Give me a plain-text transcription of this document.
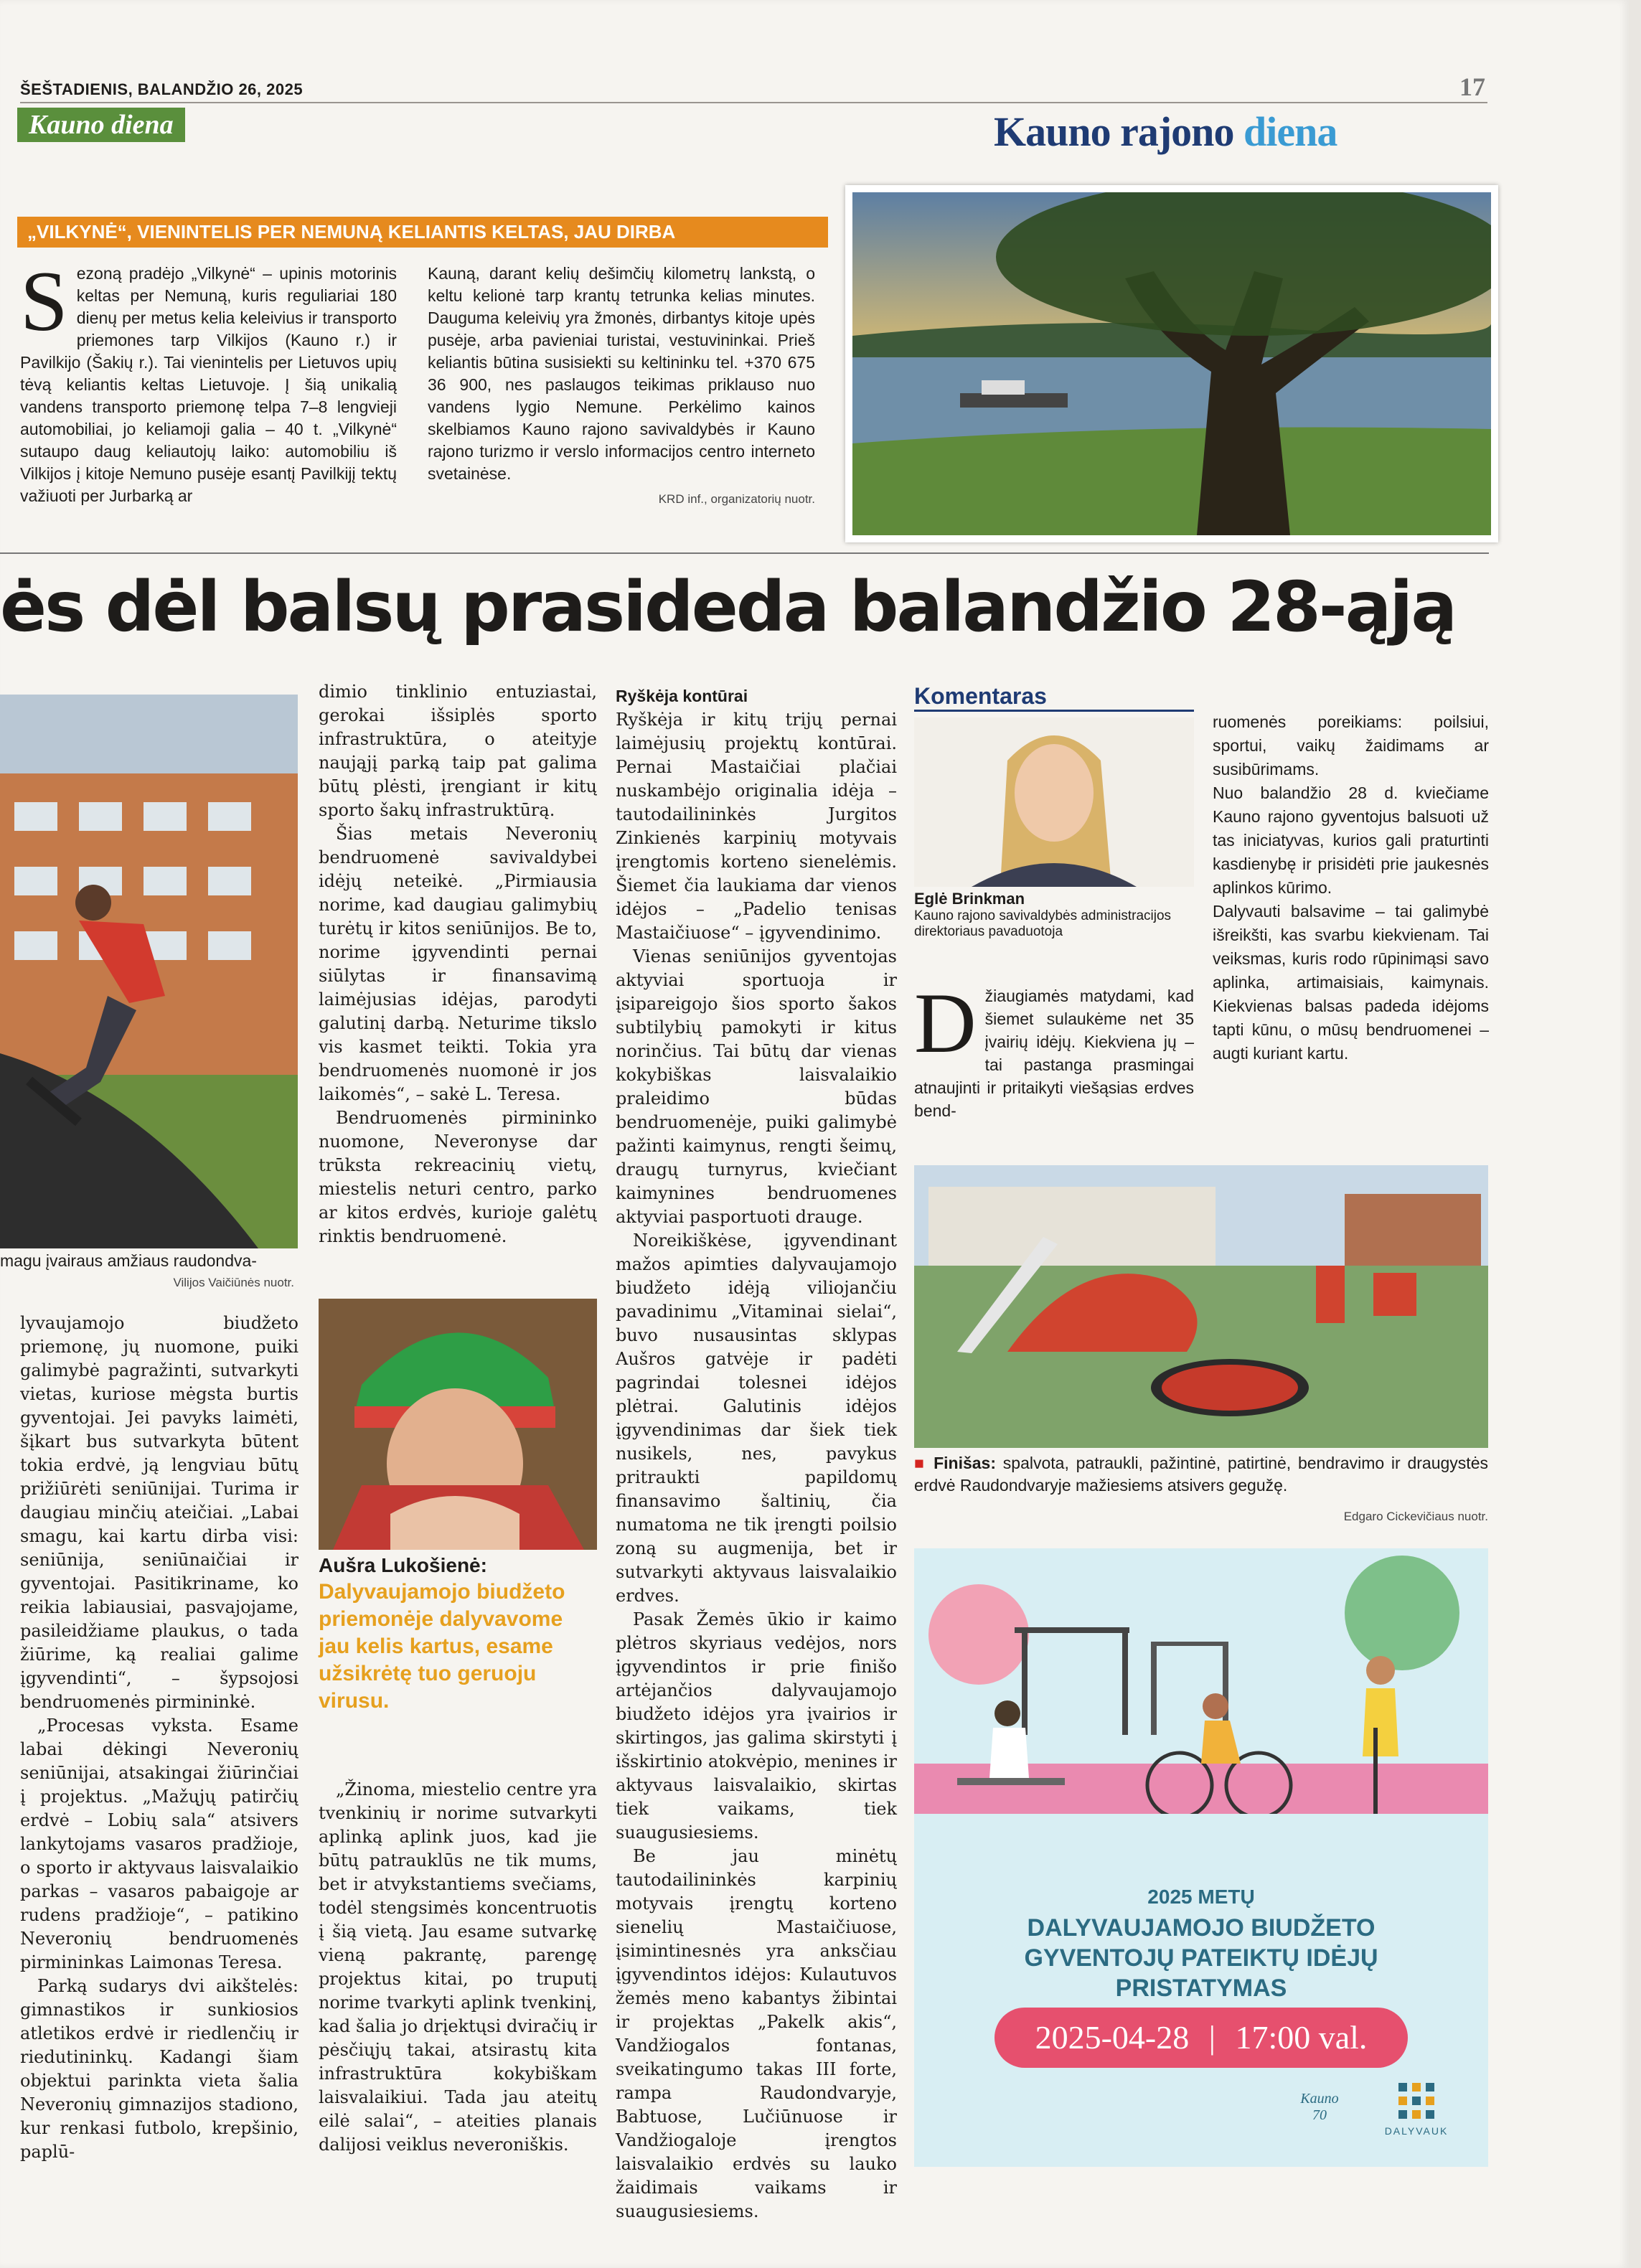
ŠEŠTADIENIS, BALANDŽIO 26, 2025	17
Kauno diena	Kauno rajono diena
„VILKYNĖ“, VIENINTELIS PER NEMUNĄ KELIANTIS KELTAS, JAU DIRBA
S ezoną pradėjo „Vilkynė“ – upinis motorinis keltas per Nemuną, kuris reguliariai 180 dienų per metus kelia keleivius ir transporto priemones tarp Vilkijos (Kauno r.) ir Pavilkijo (Šakių r.). Tai vienintelis per Lietuvos upių tėvą keliantis keltas Lietuvoje. Į šią unikalią vandens transporto priemonę telpa 7–8 lengvieji automobiliai, jo keliamoji galia – 40 t. „Vilkynė“ sutaupo daug keliautojų laiko: automobiliu iš Vilkijos į kitoje Nemuno pusėje esantį Pavilkijį tektų važiuoti per Jurbarką ar

Kauną, darant kelių dešimčių kilometrų lankstą, o keltu kelionė tarp krantų tetrunka kelias minutes. Dauguma keleivių yra žmonės, dirbantys kitoje upės pusėje, arba pavieniai turistai, vestuvininkai. Prieš keliantis būtina susisiekti su keltininku tel. +370 675 36 900, nes paslaugos teikimas priklauso nuo vandens lygio Nemune. Perkėlimo kainos skelbiamos Kauno rajono savivaldybės ir Kauno rajono turizmo ir verslo informacijos centro interneto svetainėse.

KRD inf., organizatorių nuotr.

ės dėl balsų prasideda balandžio 28-ąją
magu įvairaus amžiaus raudondva-
Vilijos Vaičiūnės nuotr.

lyvaujamojo biudžeto priemonę, jų nuomone, puiki galimybė pagražinti, sutvarkyti vietas, kuriose mėgsta burtis gyventojai. Jei pavyks laimėti, šįkart bus sutvarkyta būtent tokia erdvė, ją lengviau būtų prižiūrėti seniūnijai. Turima ir daugiau minčių ateičiai. „Labai smagu, kai kartu dirba visi: seniūnija, seniūnaičiai ir gyventojai. Pasitikriname, ko reikia labiausiai, pasvajojame, pasileidžiame plaukus, o tada žiūrime, ką realiai galime įgyvendinti“, – šypsojosi bendruomenės pirmininkė.

„Procesas vyksta. Esame labai dėkingi Neveronių seniūnijai, atsakingai žiūrinčiai į projektus. „Mažųjų patirčių erdvė – Lobių sala“ atsivers lankytojams vasaros pradžioje, o sporto ir aktyvaus laisvalaikio parkas – vasaros pabaigoje ar rudens pradžioje“, – patikino Neveronių bendruomenės pirmininkas Laimonas Teresa.

Parką sudarys dvi aikštelės: gimnastikos ir sunkiosios atletikos erdvė ir riedlenčių ir riedutininkų. Kadangi šiam objektui parinkta vieta šalia Neveronių gimnazijos stadiono, kur renkasi futbolo, krepšinio, paplū-

dimio tinklinio entuziastai, gerokai išsiplės sporto infrastruktūra, o ateityje naująjį parką taip pat galima būtų plėsti, įrengiant ir kitų sporto šakų infrastruktūrą.

Šias metais Neveronių bendruomenė savivaldybei idėjų neteikė. „Pirmiausia norime, kad daugiau galimybių turėtų ir kitos seniūnijos. Be to, norime įgyvendinti pernai siūlytas ir finansavimą laimėjusias idėjas, parodyti galutinį darbą. Neturime tikslo vis kasmet teikti. Tokia yra bendruomenės nuomonė ir jos laikomės“, – sakė L. Teresa.

Bendruomenės pirmininko nuomone, Neveronyse dar trūksta rekreacinių vietų, miestelis neturi centro, parko ar kitos erdvės, kurioje galėtų rinktis bendruomenė.

Aušra Lukošienė:
Dalyvaujamojo biudžeto priemonėje dalyvavome jau kelis kartus, esame užsikrėtę tuo geruoju virusu.

„Žinoma, miestelio centre yra tvenkinių ir norime sutvarkyti aplinką aplink juos, kad jie būtų patrauklūs ne tik mums, bet ir atvykstantiems svečiams, todėl stengsimės koncentruotis į šią vietą. Jau esame sutvarkę vieną pakrantę, parengę projektus kitai, po truputį norime tvarkyti aplink tvenkinį, kad šalia jo drįektųsi dviračių ir pėsčiųjų takai, atsirastų kita infrastruktūra kokybiškam laisvalaikiui. Tada jau ateitų eilė salai“, – ateities planais dalijosi veiklus neveroniškis.

Ryškėja kontūrai

Ryškėja ir kitų trijų pernai laimėjusių projektų kontūrai. Pernai Mastaičiai plačiai nuskambėjo originalia idėja – tautodailininkės Jurgitos Zinkienės karpinių motyvais įrengtomis korteno sienelėmis. Šiemet čia laukiama dar vienos idėjos – „Padelio tenisas Mastaičiuose“ – įgyvendinimo.

Vienas seniūnijos gyventojas aktyviai sportuoja ir įsipareigojo šios sporto šakos subtilybių pamokyti ir kitus norinčius. Tai būtų dar vienas kokybiškas laisvalaikio praleidimo būdas bendruomenėje, puiki galimybė pažinti kaimynus, rengti šeimų, draugų turnyrus, kviečiant kaimynines bendruomenes aktyviai pasportuoti drauge.

Noreikiškėse, įgyvendinant mažos apimties dalyvaujamojo biudžeto idėją viliojančiu pavadinimu „Vitaminai sielai“, buvo nusausintas sklypas Aušros gatvėje ir padėti pagrindai tolesnei idėjos plėtrai. Galutinis idėjos įgyvendinimas dar šiek tiek nusikels, nes, pavykus pritraukti papildomų finansavimo šaltinių, čia numatoma ne tik įrengti poilsio zoną su augmenija, bet ir sutvarkyti aktyvaus laisvalaikio erdves.

Pasak Žemės ūkio ir kaimo plėtros skyriaus vedėjos, nors įgyvendintos ir prie finišo artėjančios dalyvaujamojo biudžeto idėjos yra įvairios ir skirtingos, jas galima skirstyti į išskirtinio atokvėpio, menines ir aktyvaus laisvalaikio, skirtas tiek vaikams, tiek suaugusiesiems.

Be jau minėtų tautodailininkės karpinių motyvais įrengtų korteno sienelių Mastaičiuose, įsimintinesnės yra anksčiau įgyvendintos idėjos: Kulautuvos žemės meno kabantys žibintai ir projektas „Pakelk akis“, Vandžiogalos fontanas, sveikatingumo takas III forte, rampa Raudondvaryje, Babtuose, Lučiūnuose ir Vandžiogaloje įrengtos laisvalaikio erdvės su lauko žaidimais vaikams ir suaugusiesiems.

Komentaras
Eglė Brinkman
Kauno rajono savivaldybės administracijos direktoriaus pavaduotoja
D žiaugiamės matydami, kad šiemet sulaukėme net 35 įvairių idėjų. Kiekviena jų – tai pastanga prasmingai atnaujinti ir pritaikyti viešąsias erdves bend-

ruomenės poreikiams: poilsiui, sportui, vaikų žaidimams ar susibūrimams.

Nuo balandžio 28 d. kviečiame Kauno rajono gyventojus balsuoti už tas iniciatyvas, kurios gali praturtinti kasdienybę ir prisidėti prie jaukesnės aplinkos kūrimo.

Dalyvauti balsavime – tai galimybė išreikšti, kas svarbu kiekvienam. Tai veiksmas, kuris rodo rūpinimąsi savo aplinka, artimaisiais, kaimynais. Kiekvienas balsas padeda idėjoms tapti kūnu, o mūsų bendruomenei – augti kuriant kartu.

■ Finišas: spalvota, patraukli, pažintinė, patirtinė, bendravimo ir draugystės erdvė Raudondvaryje mažiesiems atsivers gegužę.
Edgaro Cickevičiaus nuotr.
2025 METŲ
DALYVAUJAMOJO BIUDŽETO
GYVENTOJŲ PATEIKTŲ IDĖJŲ
PRISTATYMAS
2025-04-28 | 17:00 val.
Kauno
70
DALYVAUK
